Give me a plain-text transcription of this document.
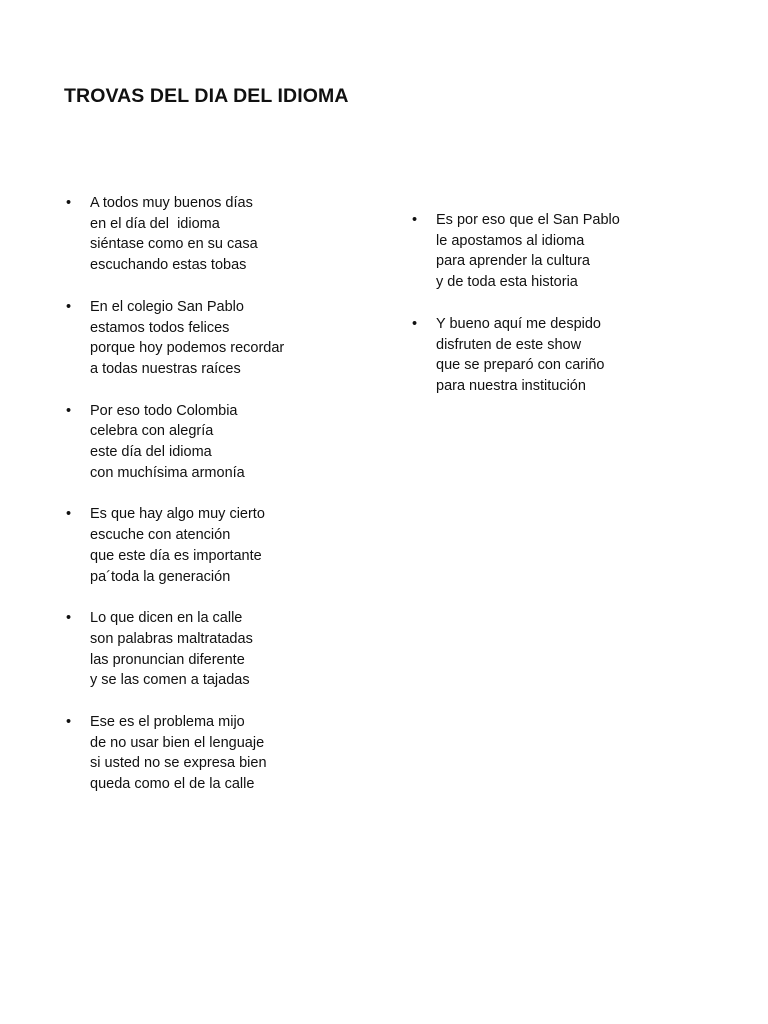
TROVAS DEL DIA DEL IDIOMA
• A todos muy buenos días
en el día del  idioma
siéntase como en su casa
escuchando estas tobas
• En el colegio San Pablo
estamos todos felices
porque hoy podemos recordar
a todas nuestras raíces
• Por eso todo Colombia
celebra con alegría
este día del idioma
con muchísima armonía
• Es que hay algo muy cierto
escuche con atención
que este día es importante
pa´toda la generación
• Lo que dicen en la calle
son palabras maltratadas
las pronuncian diferente
y se las comen a tajadas
• Ese es el problema mijo
de no usar bien el lenguaje
si usted no se expresa bien
queda como el de la calle
• Es por eso que el San Pablo
le apostamos al idioma
para aprender la cultura
y de toda esta historia
• Y bueno aquí me despido
disfruten de este show
que se preparó con cariño
para nuestra institución
